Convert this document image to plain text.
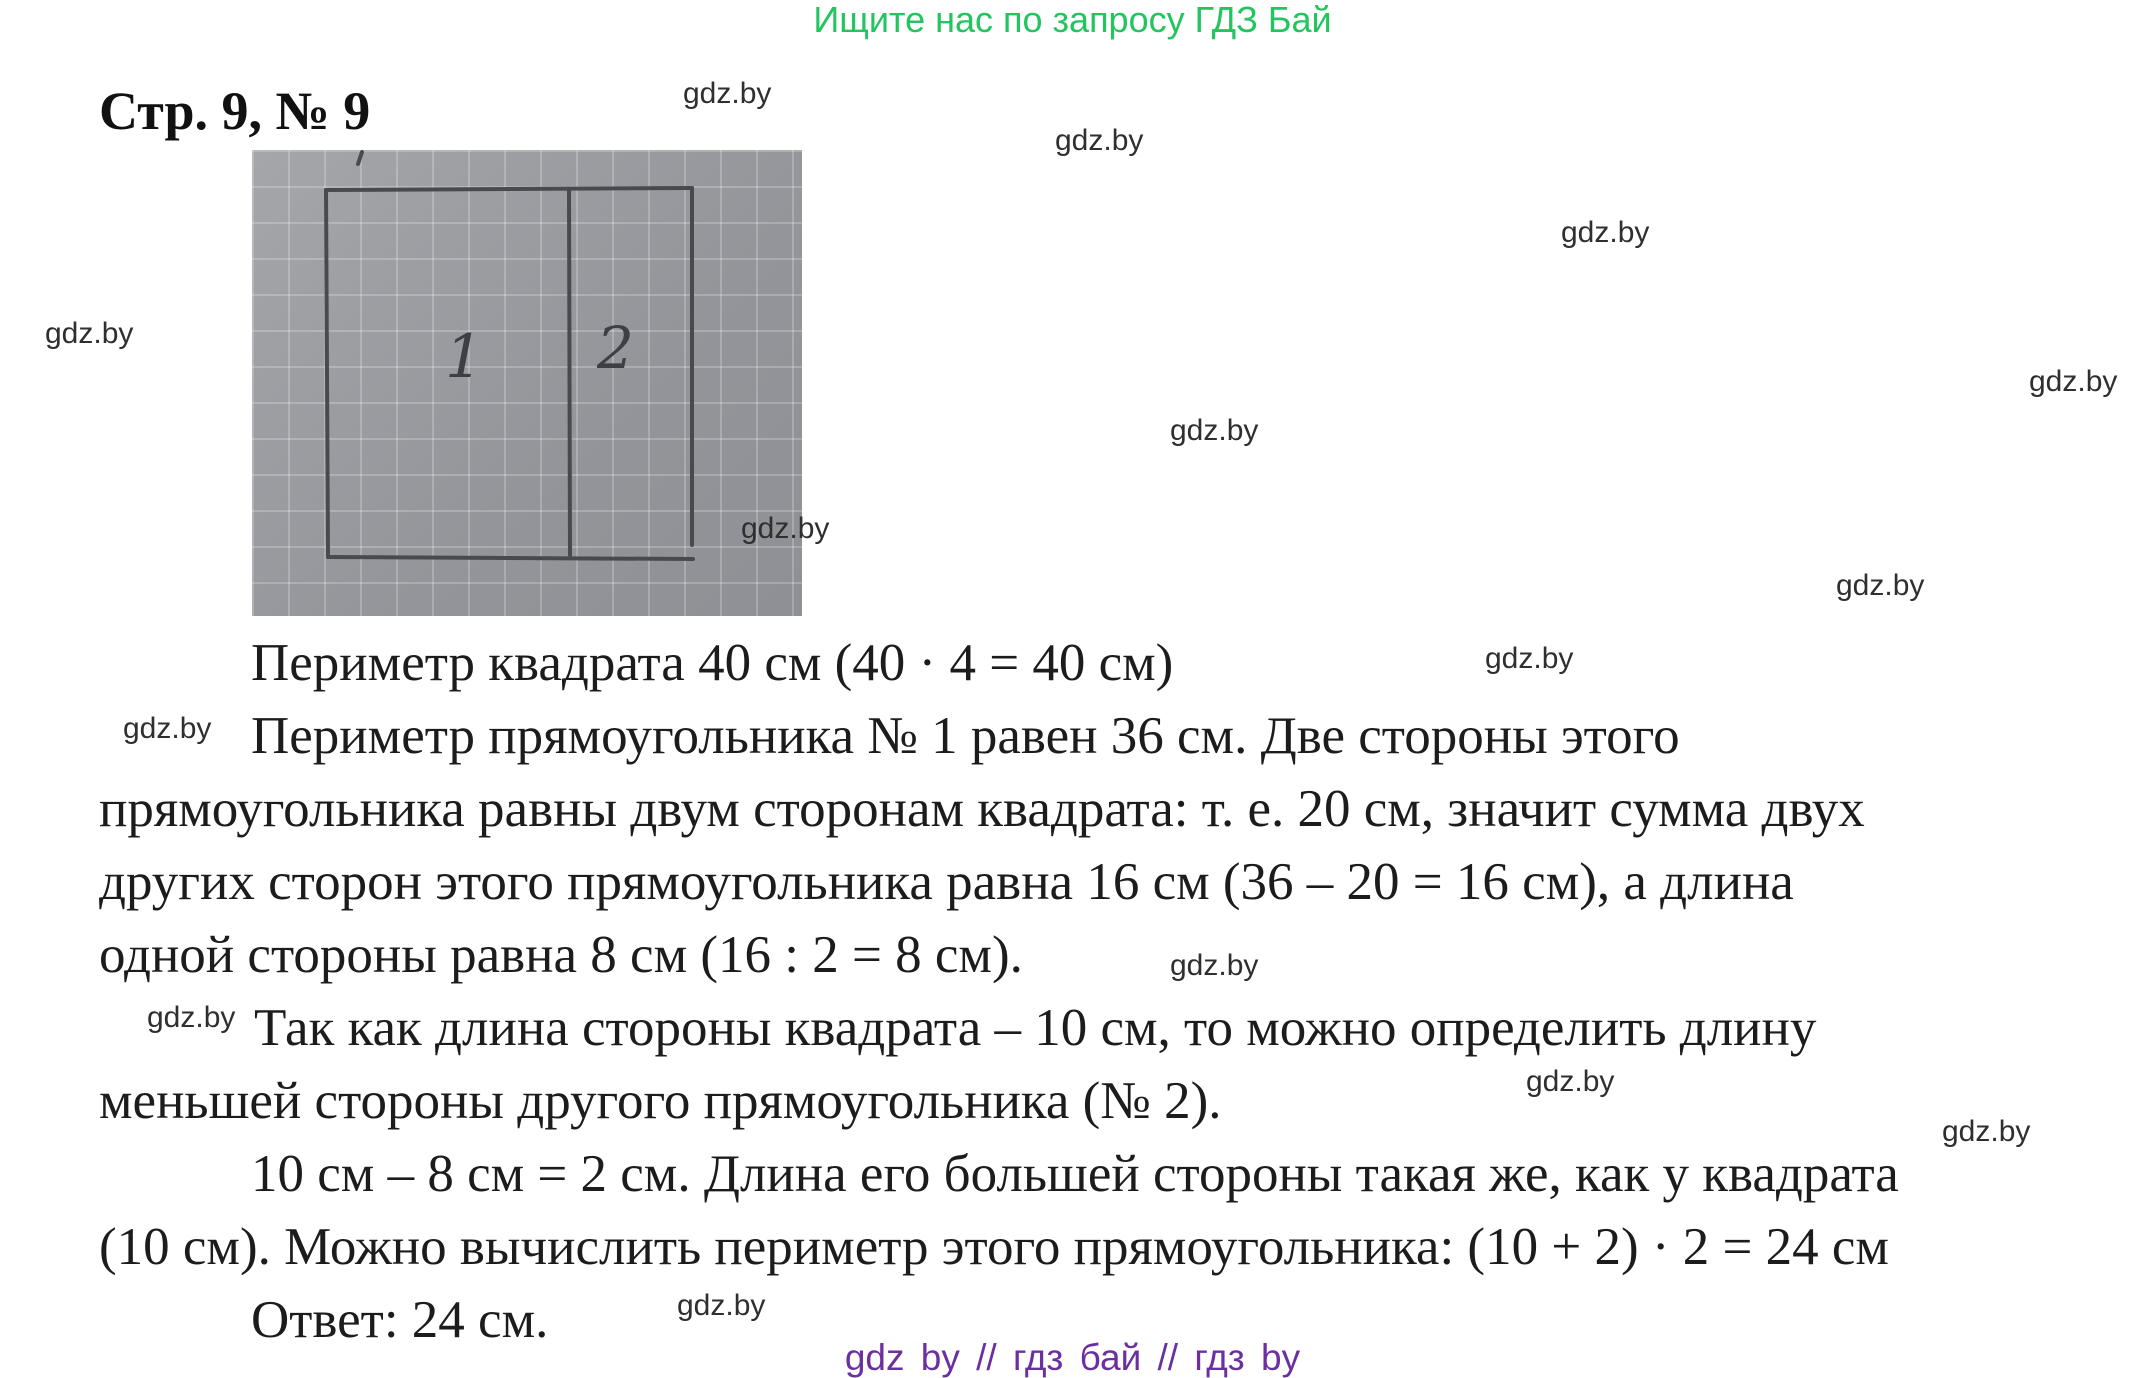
Ищите нас по запросу ГДЗ Бай
Стр. 9, № 9
1 2

Периметр квадрата 40 см (40 · 4 = 40 см)

Периметр прямоугольника № 1 равен 36 см. Две стороны этого

прямоугольника равны двум сторонам квадрата: т. е. 20 см, значит сумма двух

других сторон этого прямоугольника равна 16 см (36 – 20 = 16 см), а длина

одной стороны равна 8 см (16 : 2 = 8 см).

Так как длина стороны квадрата – 10 см, то можно определить длину

меньшей стороны другого прямоугольника (№ 2).

10 см – 8 см = 2 см. Длина его большей стороны такая же, как у квадрата

(10 см). Можно вычислить периметр этого прямоугольника: (10 + 2) · 2 = 24 см

Ответ: 24 см.

gdz.by
gdz.by
gdz.by
gdz.by
gdz.by
gdz.by
gdz.by
gdz.by
gdz.by
gdz.by
gdz.by
gdz.by
gdz.by
gdz.by
gdz.by
gdz by // гдз бай // гдз by
